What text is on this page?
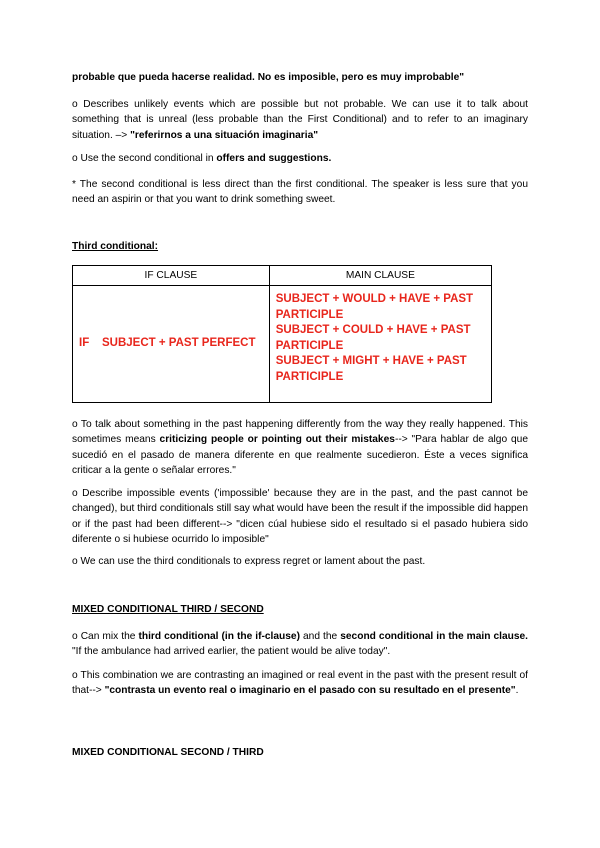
probable que pueda hacerse realidad. No es imposible, pero es muy improbable"

o Describes unlikely events which are possible but not probable. We can use it to talk about something that is unreal (less probable than the First Conditional) and to refer to an imaginary situation. –> "referirnos a una situación imaginaria"

o Use the second conditional in offers and suggestions.

* The second conditional is less direct than the first conditional. The speaker is less sure that you need an aspirin or that you want to drink something sweet.

Third conditional:

IF CLAUSE	MAIN CLAUSE
IF    SUBJECT + PAST PERFECT	SUBJECT + WOULD + HAVE + PAST PARTICIPLE
SUBJECT + COULD + HAVE + PAST PARTICIPLE
SUBJECT + MIGHT + HAVE + PAST PARTICIPLE

o To talk about something in the past happening differently from the way they really happened. This sometimes means criticizing people or pointing out their mistakes--> "Para hablar de algo que sucedió en el pasado de manera diferente en que realmente sucedieron. Éste a veces significa criticar a la gente o señalar errores."

o Describe impossible events ('impossible' because they are in the past, and the past cannot be changed), but third conditionals still say what would have been the result if the impossible did happen or if the past had been different--> "dicen cúal hubiese sido el resultado si el pasado hubiera sido diferente o si hubiese ocurrido lo imposible"

o We can use the third conditionals to express regret or lament about the past.

MIXED CONDITIONAL THIRD / SECOND

o Can mix the third conditional (in the if-clause) and the second conditional in the main clause. "If the ambulance had arrived earlier, the patient would be alive today".

o This combination we are contrasting an imagined or real event in the past with the present result of that--> "contrasta un evento real o imaginario en el pasado con su resultado en el presente".

MIXED CONDITIONAL SECOND / THIRD
